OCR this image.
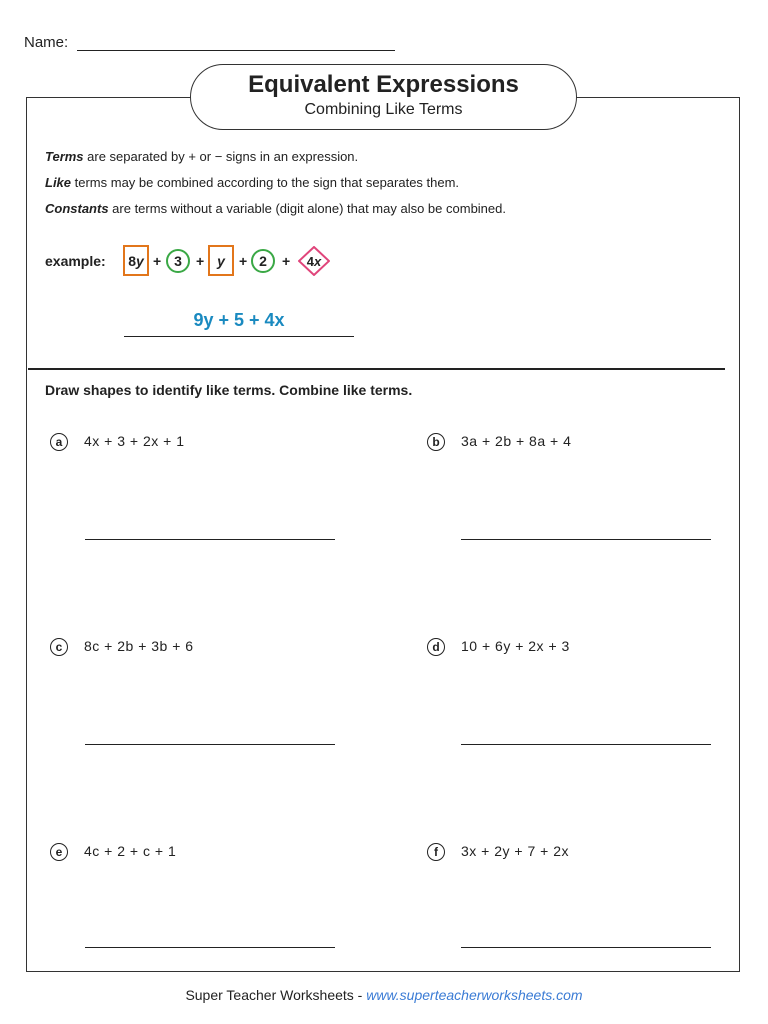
Name:
Equivalent Expressions
Combining Like Terms
Terms are separated by + or − signs in an expression.
Like terms may be combined according to the sign that separates them.
Constants are terms without a variable (digit alone) that may also be combined.
example: 8 y + 3 + y + 2 + 4 x
9y + 5 + 4x
Draw shapes to identify like terms. Combine like terms.
a	4x + 3 + 2x + 1	b	3a + 2b + 8a + 4
c	8c + 2b + 3b + 6	d	10 + 6y + 2x + 3
e	4c + 2 + c + 1	f	3x + 2y + 7 + 2x
Super Teacher Worksheets - www.superteacherworksheets.com
